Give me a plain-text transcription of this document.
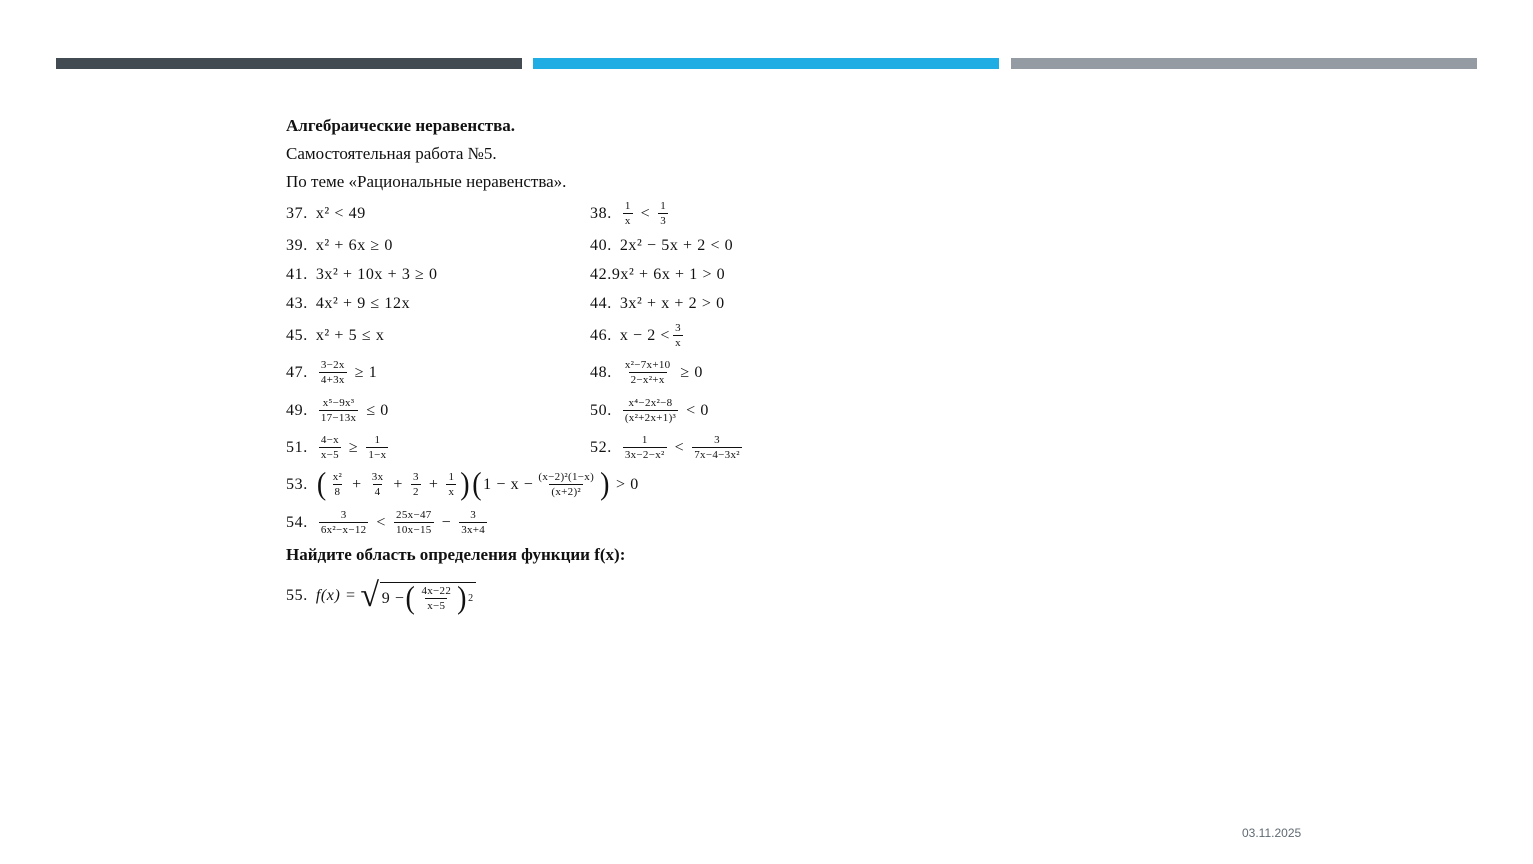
Алгебраические неравенства.
Самостоятельная работа №5.
По теме «Рациональные неравенства».
37. x² < 49	38. $\frac{1}{x} < \frac{1}{3}$
39. x² + 6x ≥ 0	40. 2x² − 5x + 2 < 0
41. 3x² + 10x + 3 ≥ 0	42. 9x² + 6x + 1 > 0
43. 4x² + 9 ≤ 12x	44. 3x² + x + 2 > 0
45. x² + 5 ≤ x	46. $x - 2 < \frac{3}{x}$
47. $\frac{3-2x}{4+3x} \ge 1$	48. $\frac{\text{x²−7x+10}}{\text{2−x²+x}} \ge 0$
49. $\frac{\text{x⁵−9x³}}{17-13x} \le 0$	50. $\frac{\text{x⁴−2x²−8}}{\text{(x²+2x+1)³}} < 0$
51. $\frac{4-x}{x-5} \ge \frac{1}{1-x}$	52. $\frac{1}{\text{3x−2−x²}} < \frac{3}{\text{7x−4−3x²}}$
53. ( $\frac{\text{x²}}{8} + \frac{3x}{4} + \frac{3}{2} + \frac{1}{x}$ ) ( $1 - x - \frac{\text{(x−2)²(1−x)}}{\text{(x+2)²}}$ ) > 0
54. $\frac{3}{\text{6x²−x−12}} < \frac{25x-47}{10x-15} - \frac{3}{3x+4}$
Найдите область определения функции f(x):
55. f(x) = √ 9 − ( $\frac{4x-22}{x-5}$ ) 2
03.11.2025
